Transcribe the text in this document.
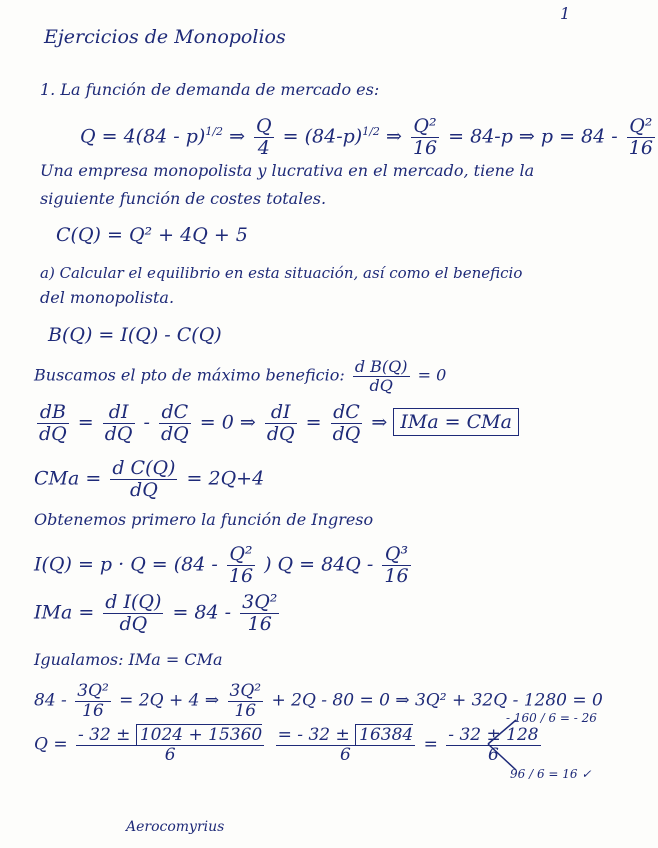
1
Ejercicios de Monopolios
1. La función de demanda de mercado es:
Q = 4(84 - p)$^{1/2}$ ⇒ $\frac{Q}{4} = (84-p)^{1/2}$ ⇒ $\frac{\text{Q²}}{16} = 84-p$ ⇒ $p = 84 - \frac{\text{Q²}}{16}$
Una empresa monopolista y lucrativa en el mercado, tiene la
siguiente función de costes totales.
C(Q) = Q² + 4Q + 5
a) Calcular el equilibrio en esta situación, así como el beneficio
del monopolista.
B(Q) = I(Q) - C(Q)
Buscamos el pto de máximo beneficio: $\frac{\text{d B(Q)}}{dQ} = 0$
$\frac{dB}{dQ} = \frac{dI}{dQ} - \frac{dC}{dQ} = 0$ ⇒ $\frac{dI}{dQ} = \frac{dC}{dQ}$ ⇒ IMa = CMa
CMa = $\frac{\text{d C(Q)}}{dQ} = 2Q+4$
Obtenemos primero la función de Ingreso
$I(Q) = p \cdot Q = (84 - \frac{\text{Q²}}{16}$ ) $Q = 84Q - \frac{\text{Q³}}{16}$
IMa = $\frac{\text{d I(Q)}}{dQ} = 84 - \frac{\text{3Q²}}{16}$
Igualamos: IMa = CMa
$84 - \frac{\text{3Q²}}{16} = 2Q + 4$ ⇒ $\frac{\text{3Q²}}{16} + 2Q - 80 = 0$ ⇒ 3Q² + 32Q - 1280 = 0
$Q = \frac{- 32 \pm 1024 + 15360}{6}$
$\frac{= - 32 \pm 16384}{6} = \frac{- 32 \pm 128}{6}$
- 160 / 6 = - 26
96 / 6 = 16 ✓
Aerocomyrius
